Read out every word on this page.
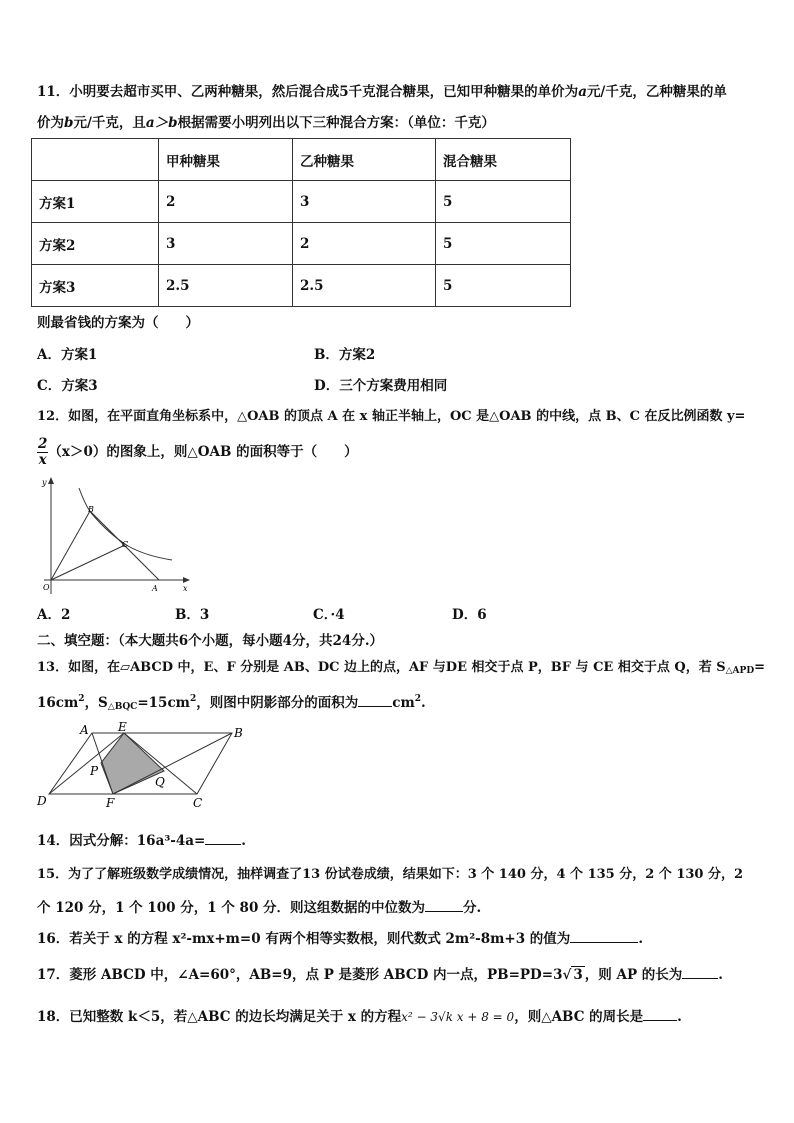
11．小明要去超市买甲、乙两种糖果，然后混合成5千克混合糖果，已知甲种糖果的单价为a元/千克，乙种糖果的单
价为b元/千克，且a＞b根据需要小明列出以下三种混合方案：（单位：千克）
	甲种糖果	乙种糖果	混合糖果
方案1	2	3	5
方案2	3	2	5
方案3	2.5	2.5	5
则最省钱的方案为（　　）
A．方案1	B．方案2
C．方案3	D．三个方案费用相同
12．如图，在平面直角坐标系中，△OAB 的顶点 A 在 x 轴正半轴上，OC 是△OAB 的中线，点 B、C 在反比例函数 y=
$\frac{2}{x} (x>0)$的图象上，则△OAB 的面积等于（　　）
y
x
O	A
B
C
A．2	B．3	C．·4	D．6
二、填空题：（本大题共6个小题，每小题4分，共24分.）
13．如图，在▱ABCD 中，E、F 分别是 AB、DC 边上的点，AF 与DE 相交于点 P，BF 与 CE 相交于点 Q，若 $S_{\triangle APD}=$
$16cm^2$，$S_{\triangle BQC}=15cm^2$，则图中阴影部分的面积为	$cm^2$.
A E	B
P
Q
D	F	C
14．因式分解：16a³-4a=	.
15．为了了解班级数学成绩情况，抽样调查了13 份试卷成绩，结果如下：3 个 140 分，4 个 135 分，2 个 130 分，2
个 120 分，1 个 100 分，1 个 80 分．则这组数据的中位数为	分.
16．若关于 x 的方程 x²-mx+m=0 有两个相等实数根，则代数式 2m²-8m+3 的值为	.
17．菱形 ABCD 中，∠A=60°，AB=9，点 P 是菱形 ABCD 内一点，PB=PD=3√ 3 ，则 AP 的长为	.
18．已知整数 k＜5，若△ABC 的边长均满足关于 x 的方程x² − 3√k x + 8 = 0，则△ABC 的周长是	.
